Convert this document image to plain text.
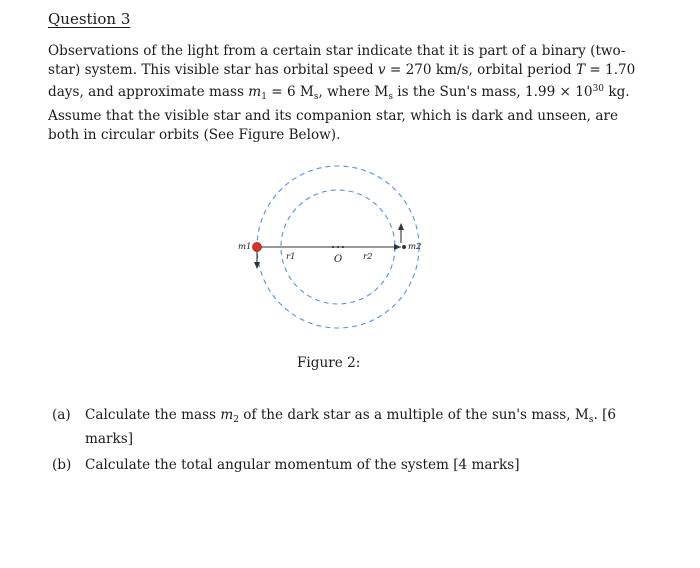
Question 3
Observations of the light from a certain star indicate that it is part of a binary (two-
star) system. This visible star has orbital speed v = 270 km/s, orbital period T = 1.70
days, and approximate mass $m_1 = 6$ $M_s$, where $M_s$ is the Sun's mass, $1.99 \times 10^{30}$ kg.
Assume that the visible star and its companion star, which is dark and unseen, are
both in circular orbits (See Figure Below).
m1	m2
r1	r2
O
Figure 2:
(a) Calculate the mass $m_2$ of the dark star as a multiple of the sun's mass, $M_s$. [6 marks]
(b) Calculate the total angular momentum of the system [4 marks]
